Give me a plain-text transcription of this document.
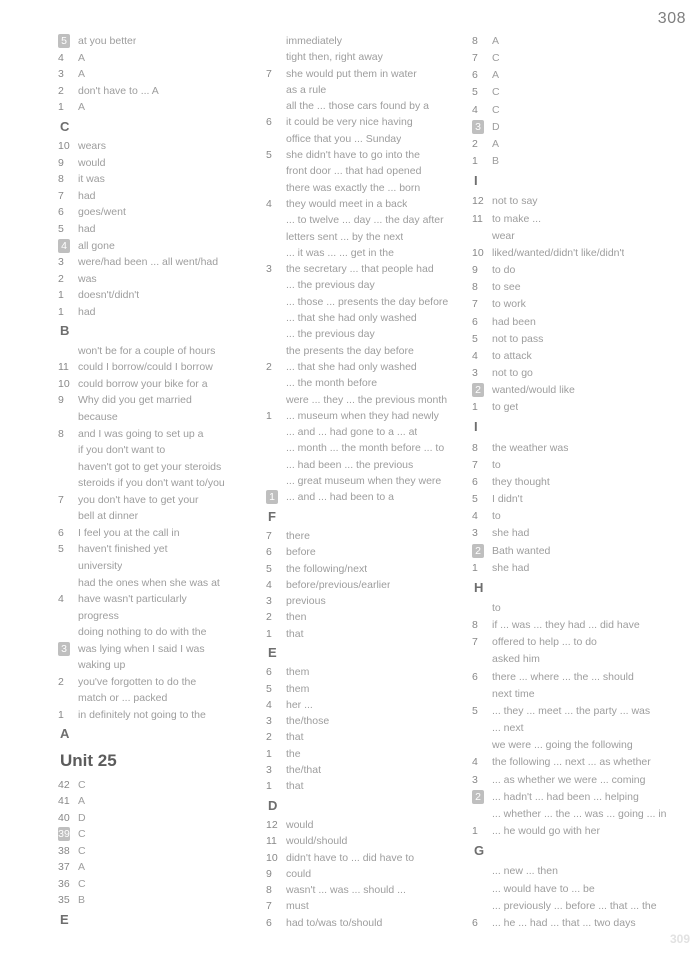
308
5 at you better
4	A
3	A
2	don't have to ... A
1	A
C
10 wears
9	would
8	it was
7	had
6	goes/went
5	had
4 all gone
3	were/had been ... all went/had
2	was
1	doesn't/didn't
1	had
B
won't be for a couple of hours
11 could I borrow/could I borrow
10 could borrow your bike for a
9	Why did you get married
because
8	and I was going to set up a
if you don't want to
haven't got to get your steroids
steroids if you don't want to/you
7	you don't have to get your
bell at dinner
6	I feel you at the call in
5	haven't finished yet
university
had the ones when she was at
4	have wasn't particularly
progress
doing nothing to do with the
3 was lying when I said I was
waking up
2	you've forgotten to do the
match or ... packed
1	in definitely not going to the
A
Unit 25
42 C
41 A
40 D
39 C
38 C
37 A
36 C
35 B
E
immediately
tight then, right away
7	she would put them in water
as a rule
all the ... those cars found by a
6	it could be very nice having
office that you ... Sunday
5	she didn't have to go into the
front door ... that had opened
there was exactly the ... born
4	they would meet in a back
... to twelve ... day ... the day after
letters sent ... by the next
... it was ... ... get in the
3	the secretary ... that people had
... the previous day
... those ... presents the day before
... that she had only washed
... the previous day
the presents the day before
2	... that she had only washed
... the month before
were ... they ... the previous month
1	... museum when they had newly
... and ... had gone to a ... at
... month ... the month before ... to
... had been ... the previous
... great museum when they were
1 ... and ... had been to a
F
7	there
6	before
5	the following/next
4	before/previous/earlier
3	previous
2	then
1	that
E
6	them
5	them
4	her ...
3	the/those
2	that
1	the
3	the/that
1	that
D
12 would
11 would/should
10 didn't have to ... did have to
9	could
8	wasn't ... was ... should ...
7	must
6	had to/was to/should
8	A
7	C
6	A
5	C
4	C
3 D
2	A
1	B
I
12 not to say
11 to make ...
wear
10 liked/wanted/didn't like/didn't
9	to do
8	to see
7	to work
6	had been
5	not to pass
4	to attack
3	not to go
2 wanted/would like
1	to get
I
8	the weather was
7	to
6	they thought
5	I didn't
4	to
3	she had
2 Bath wanted
1	she had
H
to
8	if ... was ... they had ... did have
7	offered to help ... to do
asked him
6	there ... where ... the ... should
next time
5	... they ... meet ... the party ... was
... next
we were ... going the following
4	the following ... next ... as whether
3	... as whether we were ... coming
2 ... hadn't ... had been ... helping
... whether ... the ... was ... going ... in
1	... he would go with her
G
... new ... then
... would have to ... be
... previously ... before ... that ... the
6	... he ... had ... that ... two days
309
